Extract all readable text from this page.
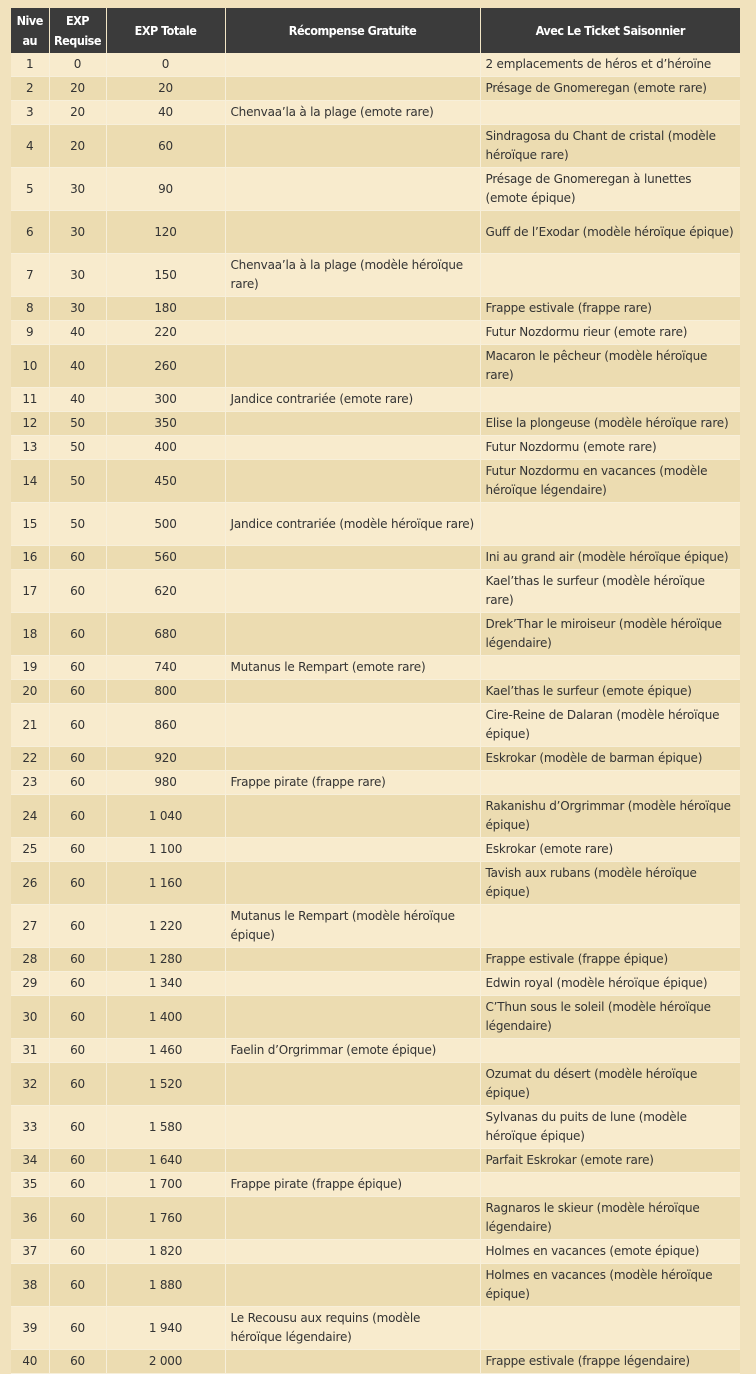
Nive au	EXP Requise	EXP Totale	Récompense Gratuite	Avec Le Ticket Saisonnier
1	0	0		2 emplacements de héros et d’héroïne
2	20	20		Présage de Gnomeregan (emote rare)
3	20	40	Chenvaa’la à la plage (emote rare)	
4	20	60		Sindragosa du Chant de cristal (modèle héroïque rare)
5	30	90		Présage de Gnomeregan à lunettes (emote épique)
6	30	120		Guff de l’Exodar (modèle héroïque épique)
7	30	150	Chenvaa’la à la plage (modèle héroïque rare)	
8	30	180		Frappe estivale (frappe rare)
9	40	220		Futur Nozdormu rieur (emote rare)
10	40	260		Macaron le pêcheur (modèle héroïque rare)
11	40	300	Jandice contrariée (emote rare)	
12	50	350		Elise la plongeuse (modèle héroïque rare)
13	50	400		Futur Nozdormu (emote rare)
14	50	450		Futur Nozdormu en vacances (modèle héroïque légendaire)
15	50	500	Jandice contrariée (modèle héroïque rare)	
16	60	560		Ini au grand air (modèle héroïque épique)
17	60	620		Kael’thas le surfeur (modèle héroïque rare)
18	60	680		Drek’Thar le miroiseur (modèle héroïque légendaire)
19	60	740	Mutanus le Rempart (emote rare)	
20	60	800		Kael’thas le surfeur (emote épique)
21	60	860		Cire-Reine de Dalaran (modèle héroïque épique)
22	60	920		Eskrokar (modèle de barman épique)
23	60	980	Frappe pirate (frappe rare)	
24	60	1 040		Rakanishu d’Orgrimmar (modèle héroïque épique)
25	60	1 100		Eskrokar (emote rare)
26	60	1 160		Tavish aux rubans (modèle héroïque épique)
27	60	1 220	Mutanus le Rempart (modèle héroïque épique)	
28	60	1 280		Frappe estivale (frappe épique)
29	60	1 340		Edwin royal (modèle héroïque épique)
30	60	1 400		C’Thun sous le soleil (modèle héroïque légendaire)
31	60	1 460	Faelin d’Orgrimmar (emote épique)	
32	60	1 520		Ozumat du désert (modèle héroïque épique)
33	60	1 580		Sylvanas du puits de lune (modèle héroïque épique)
34	60	1 640		Parfait Eskrokar (emote rare)
35	60	1 700	Frappe pirate (frappe épique)	
36	60	1 760		Ragnaros le skieur (modèle héroïque légendaire)
37	60	1 820		Holmes en vacances (emote épique)
38	60	1 880		Holmes en vacances (modèle héroïque épique)
39	60	1 940	Le Recousu aux requins (modèle héroïque légendaire)	
40	60	2 000		Frappe estivale (frappe légendaire)
